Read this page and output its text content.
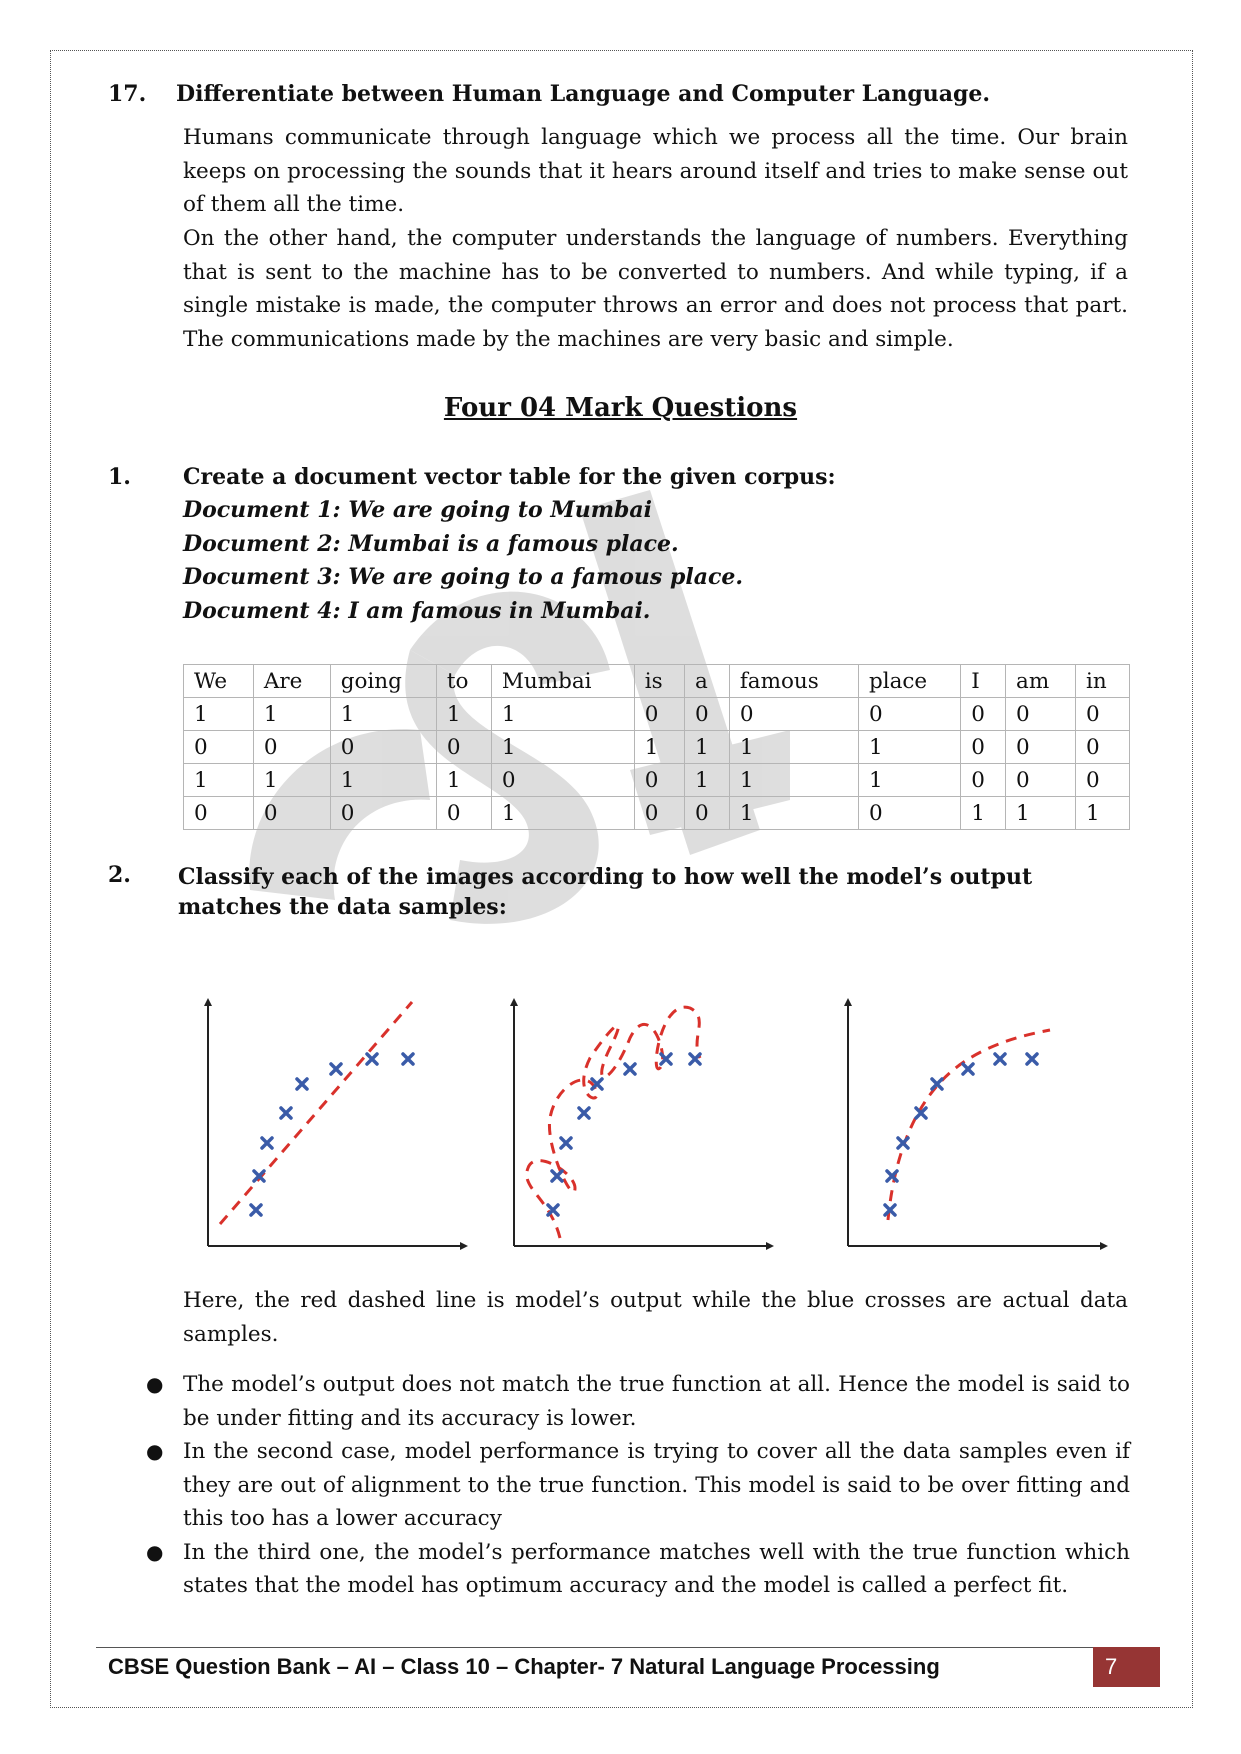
17. Differentiate between Human Language and Computer Language.

Humans communicate through language which we process all the time. Our brain keeps on processing the sounds that it hears around itself and tries to make sense out of them all the time.

On the other hand, the computer understands the language of numbers. Everything that is sent to the machine has to be converted to numbers. And while typing, if a single mistake is made, the computer throws an error and does not process that part. The communications made by the machines are very basic and simple.

Four 04 Mark Questions
1. Create a document vector table for the given corpus:
Document 1: We are going to Mumbai
Document 2: Mumbai is a famous place.
Document 3: We are going to a famous place.
Document 4: I am famous in Mumbai.
We	Are	going	to	Mumbai	is	a	famous	place	I	am	in
1	1	1	1	1	0	0	0	0	0	0	0
0	0	0	0	1	1	1	1	1	0	0	0
1	1	1	1	0	0	1	1	1	0	0	0
0	0	0	0	1	0	0	1	0	1	1	1
2. Classify each of the images according to how well the model’s output matches the data samples:

Here, the red dashed line is model’s output while the blue crosses are actual data samples.

● The model’s output does not match the true function at all. Hence the model is said to be under fitting and its accuracy is lower.
● In the second case, model performance is trying to cover all the data samples even if they are out of alignment to the true function. This model is said to be over fitting and this too has a lower accuracy
● In the third one, the model’s performance matches well with the true function which states that the model has optimum accuracy and the model is called a perfect fit.
CBSE Question Bank – AI – Class 10 – Chapter- 7 Natural Language Processing	7
